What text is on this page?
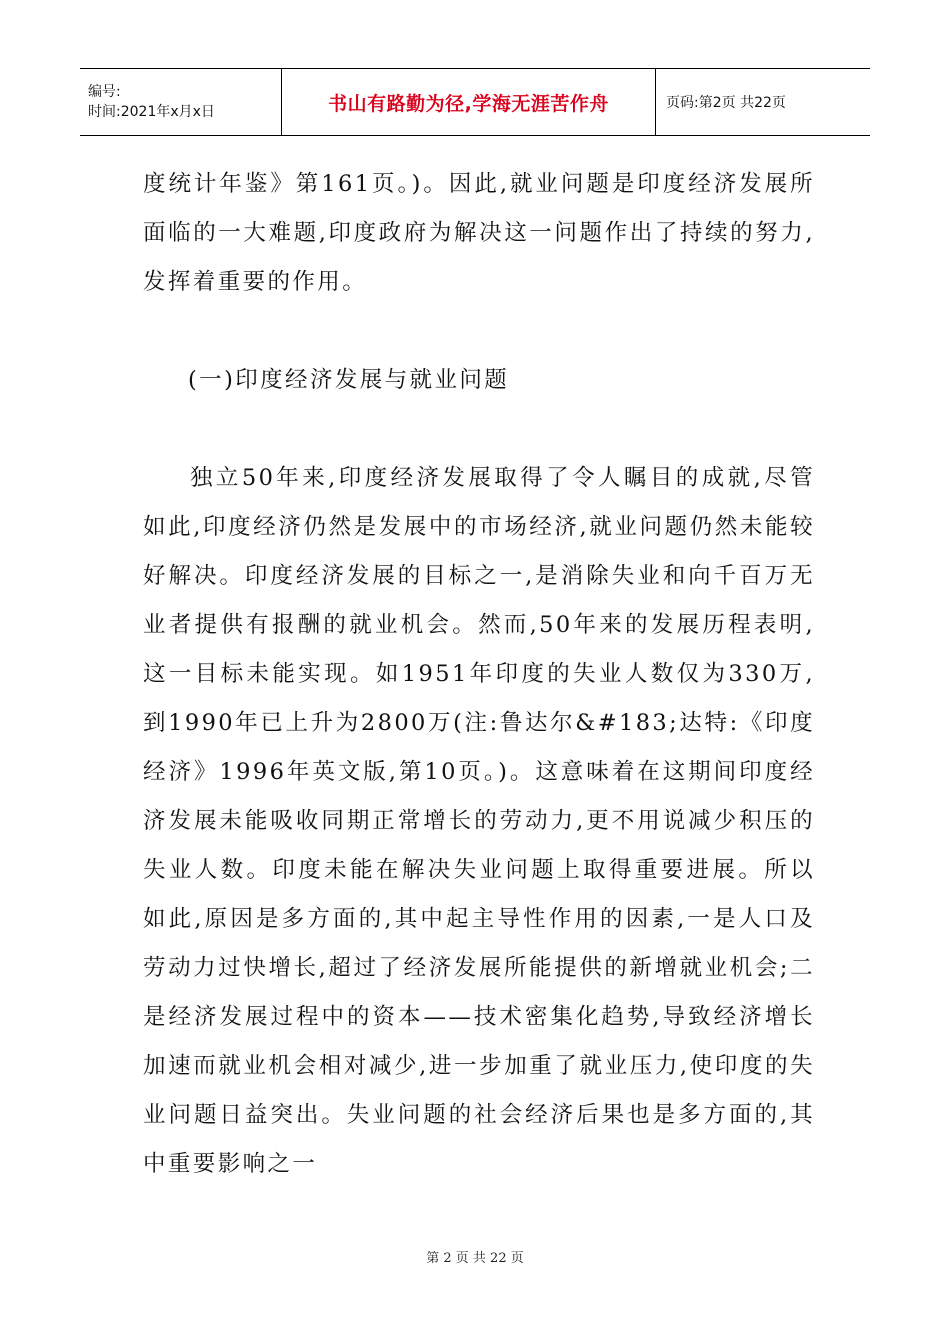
编号:
时间:2021年x月x日	书山有路勤为径,学海无涯苦作舟	页码:第2页 共22页

度统计年鉴》第161页。)。因此,就业问题是印度经济发展所面临的一大难题,印度政府为解决这一问题作出了持续的努力,发挥着重要的作用。

(一)印度经济发展与就业问题

独立50年来,印度经济发展取得了令人瞩目的成就,尽管如此,印度经济仍然是发展中的市场经济,就业问题仍然未能较好解决。印度经济发展的目标之一,是消除失业和向千百万无业者提供有报酬的就业机会。然而,50年来的发展历程表明,这一目标未能实现。如1951年印度的失业人数仅为330万,到1990年已上升为2800万(注:鲁达尔&#183;达特:《印度经济》1996年英文版,第10页。)。这意味着在这期间印度经济发展未能吸收同期正常增长的劳动力,更不用说减少积压的失业人数。印度未能在解决失业问题上取得重要进展。所以如此,原因是多方面的,其中起主导性作用的因素,一是人口及劳动力过快增长,超过了经济发展所能提供的新增就业机会;二是经济发展过程中的资本——技术密集化趋势,导致经济增长加速而就业机会相对减少,进一步加重了就业压力,使印度的失业问题日益突出。失业问题的社会经济后果也是多方面的,其中重要影响之一

第 2 页 共 22 页
